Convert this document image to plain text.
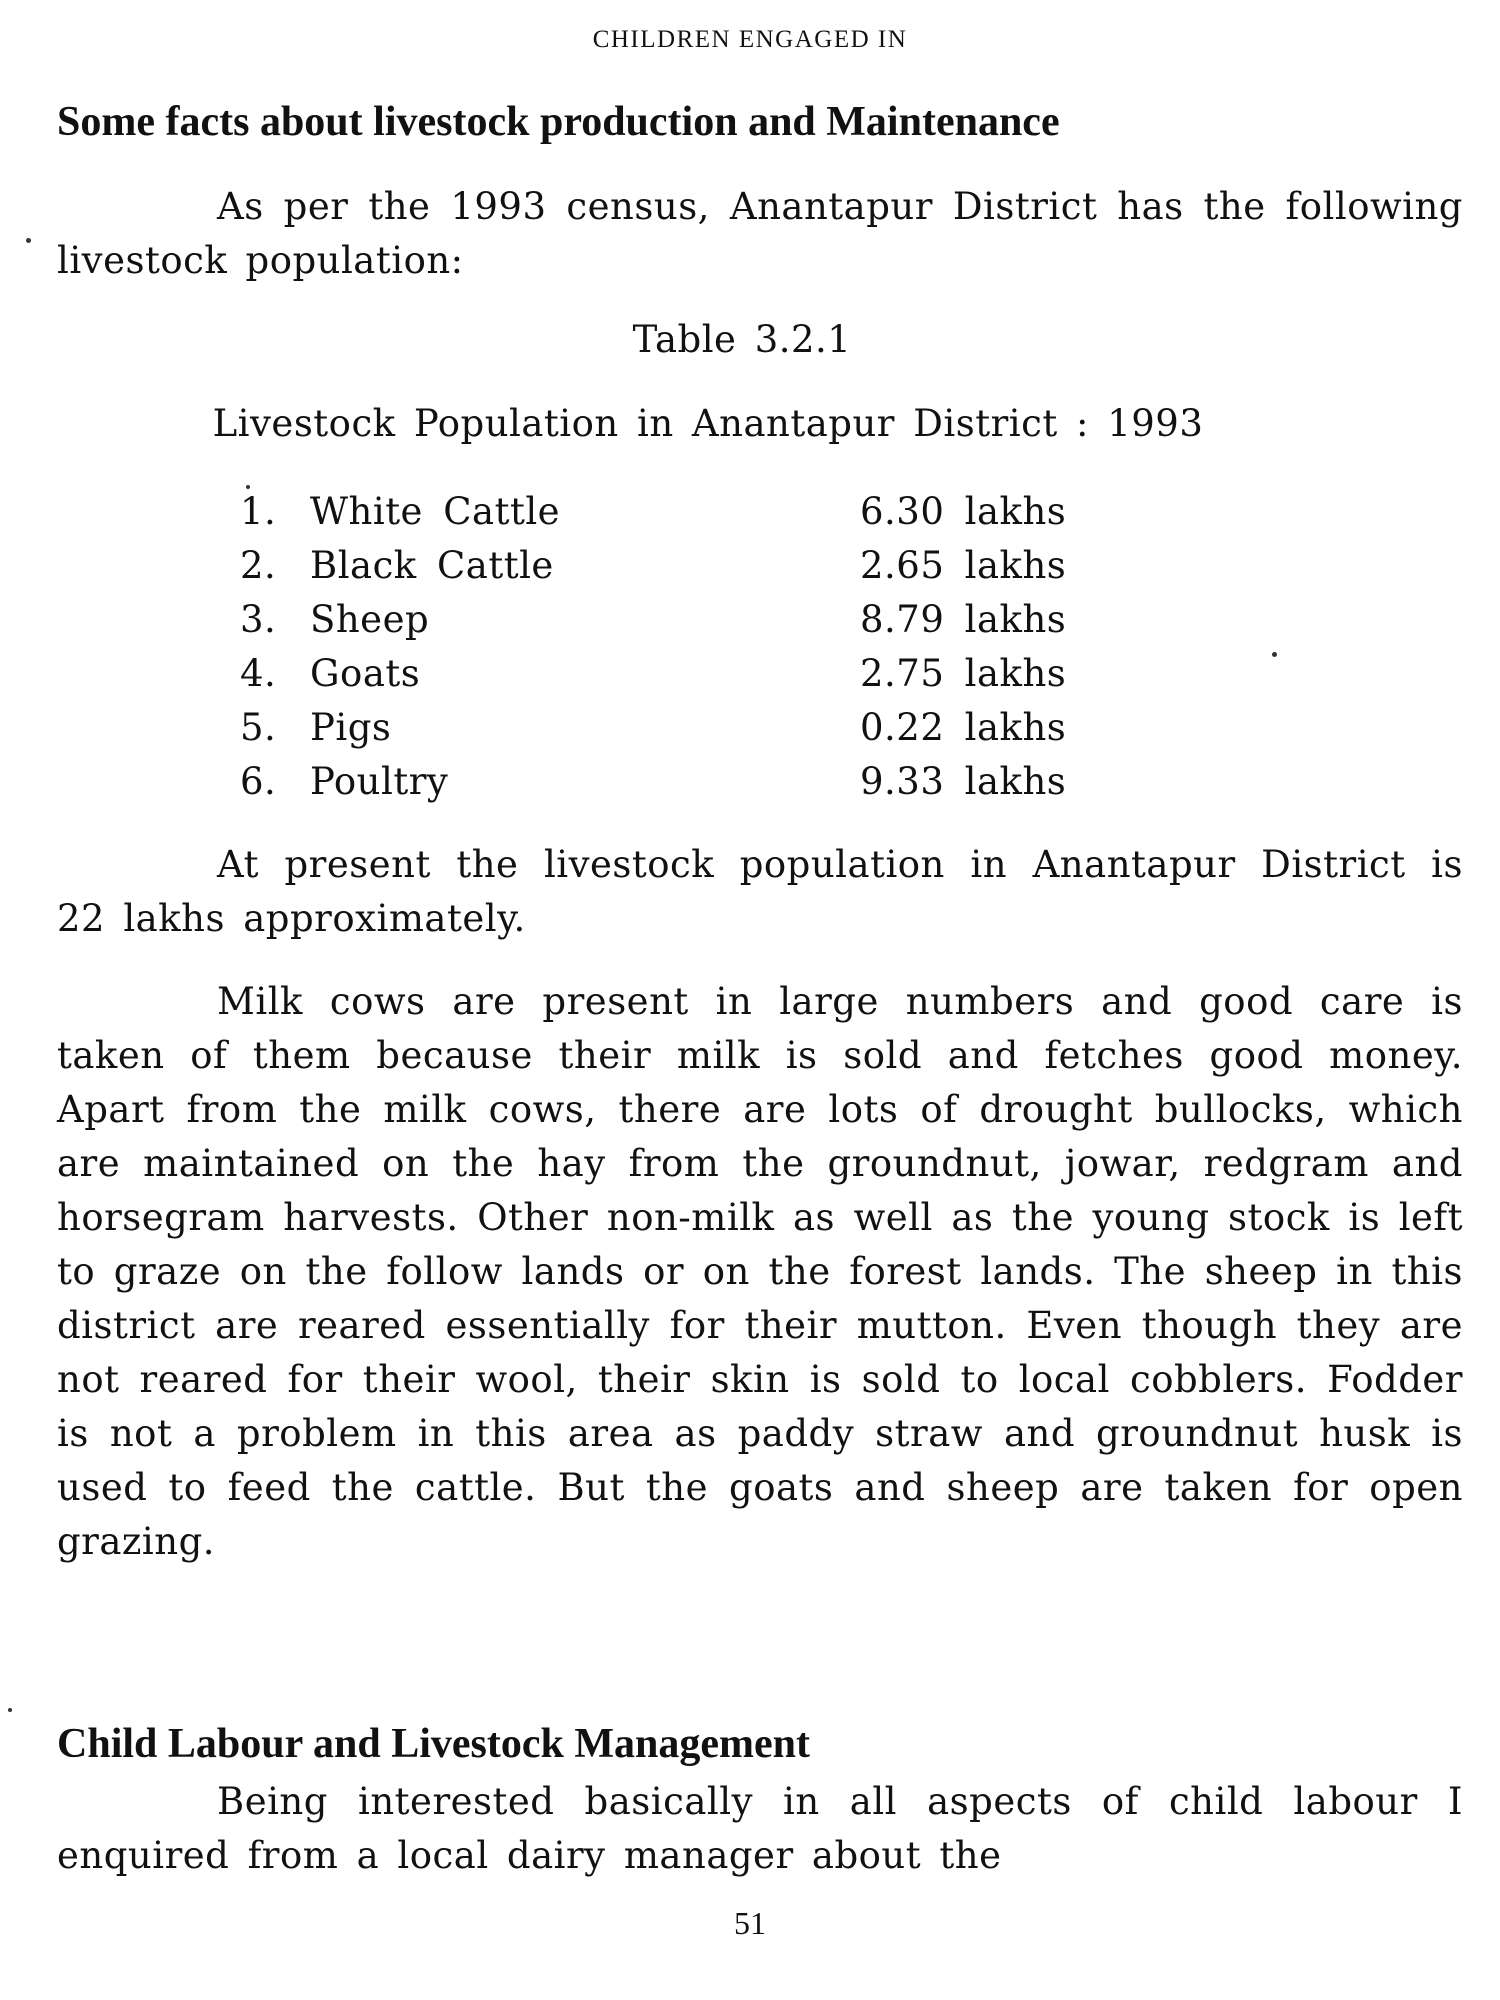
CHILDREN ENGAGED IN
Some facts about livestock production and Maintenance

As per the 1993 census, Anantapur District has the following livestock population:

Table 3.2.1
Livestock Population in Anantapur District : 1993
1.	White Cattle	6.30 lakhs
2.	Black Cattle	2.65 lakhs
3.	Sheep	8.79 lakhs
4.	Goats	2.75 lakhs
5.	Pigs	0.22 lakhs
6.	Poultry	9.33 lakhs

At present the livestock population in Anantapur District is 22 lakhs approximately.

Milk cows are present in large numbers and good care is taken of them because their milk is sold and fetches good money. Apart from the milk cows, there are lots of drought bullocks, which are maintained on the hay from the groundnut, jowar, redgram and horsegram harvests. Other non-milk as well as the young stock is left to graze on the follow lands or on the forest lands. The sheep in this district are reared essentially for their mutton. Even though they are not reared for their wool, their skin is sold to local cobblers. Fodder is not a problem in this area as paddy straw and groundnut husk is used to feed the cattle. But the goats and sheep are taken for open grazing.

Child Labour and Livestock Management

Being interested basically in all aspects of child labour I enquired from a local dairy manager about the

51
